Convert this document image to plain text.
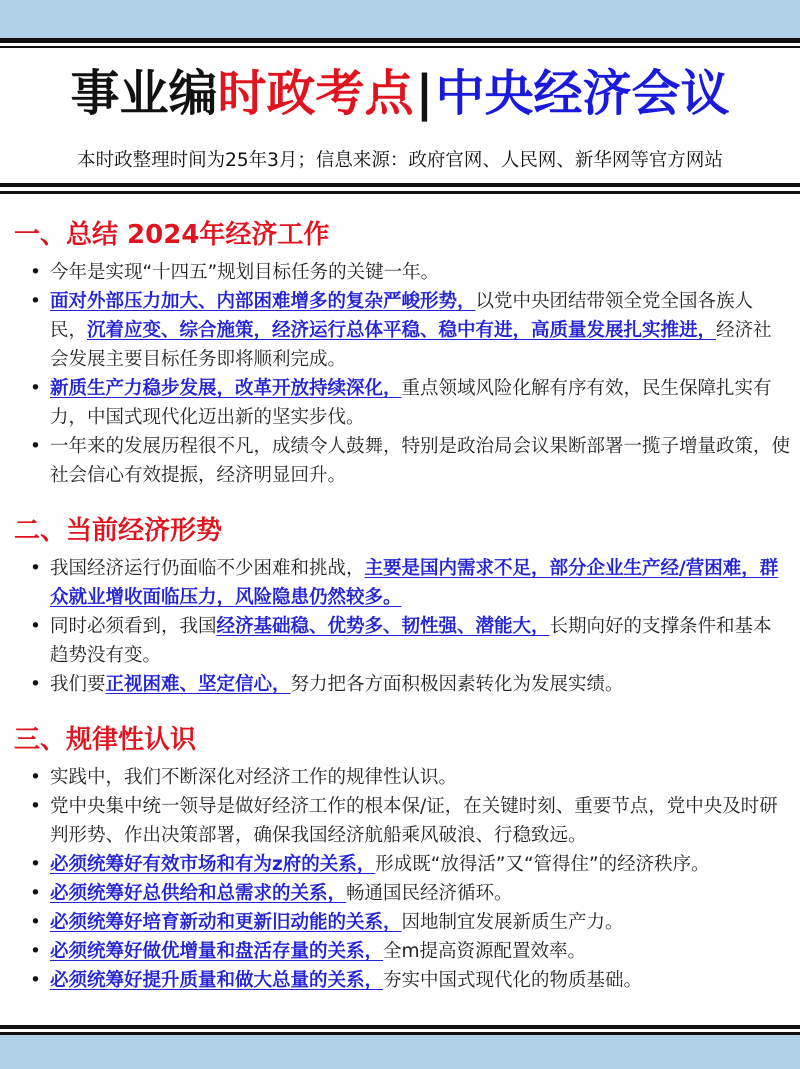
事业编时政考点|中央经济会议
本时政整理时间为25年3月；信息来源：政府官网、人民网、新华网等官方网站
一、总结 2024年经济工作
• 今年是实现“十四五”规划目标任务的关键一年。
• 面对外部压力加大、内部困难增多的复杂严峻形势，以党中央团结带领全党全国各族人民，沉着应变、综合施策，经济运行总体平稳、稳中有进，高质量发展扎实推进，经济社会发展主要目标任务即将顺利完成。
• 新质生产力稳步发展，改革开放持续深化，重点领域风险化解有序有效，民生保障扎实有力，中国式现代化迈出新的坚实步伐。
• 一年来的发展历程很不凡，成绩令人鼓舞，特别是政治局会议果断部署一揽子增量政策，使社会信心有效提振，经济明显回升。
二、当前经济形势
• 我国经济运行仍面临不少困难和挑战，主要是国内需求不足，部分企业生产经/营困难，群众就业增收面临压力，风险隐患仍然较多。
• 同时必须看到，我国经济基础稳、优势多、韧性强、潜能大，长期向好的支撑条件和基本趋势没有变。
• 我们要正视困难、坚定信心，努力把各方面积极因素转化为发展实绩。
三、规律性认识
• 实践中，我们不断深化对经济工作的规律性认识。
• 党中央集中统一领导是做好经济工作的根本保/证，在关键时刻、重要节点，党中央及时研判形势、作出决策部署，确保我国经济航船乘风破浪、行稳致远。
• 必须统筹好有效市场和有为z府的关系，形成既“放得活”又“管得住”的经济秩序。
• 必须统筹好总供给和总需求的关系，畅通国民经济循环。
• 必须统筹好培育新动和更新旧动能的关系，因地制宜发展新质生产力。
• 必须统筹好做优增量和盘活存量的关系，全m提高资源配置效率。
• 必须统筹好提升质量和做大总量的关系，夯实中国式现代化的物质基础。
